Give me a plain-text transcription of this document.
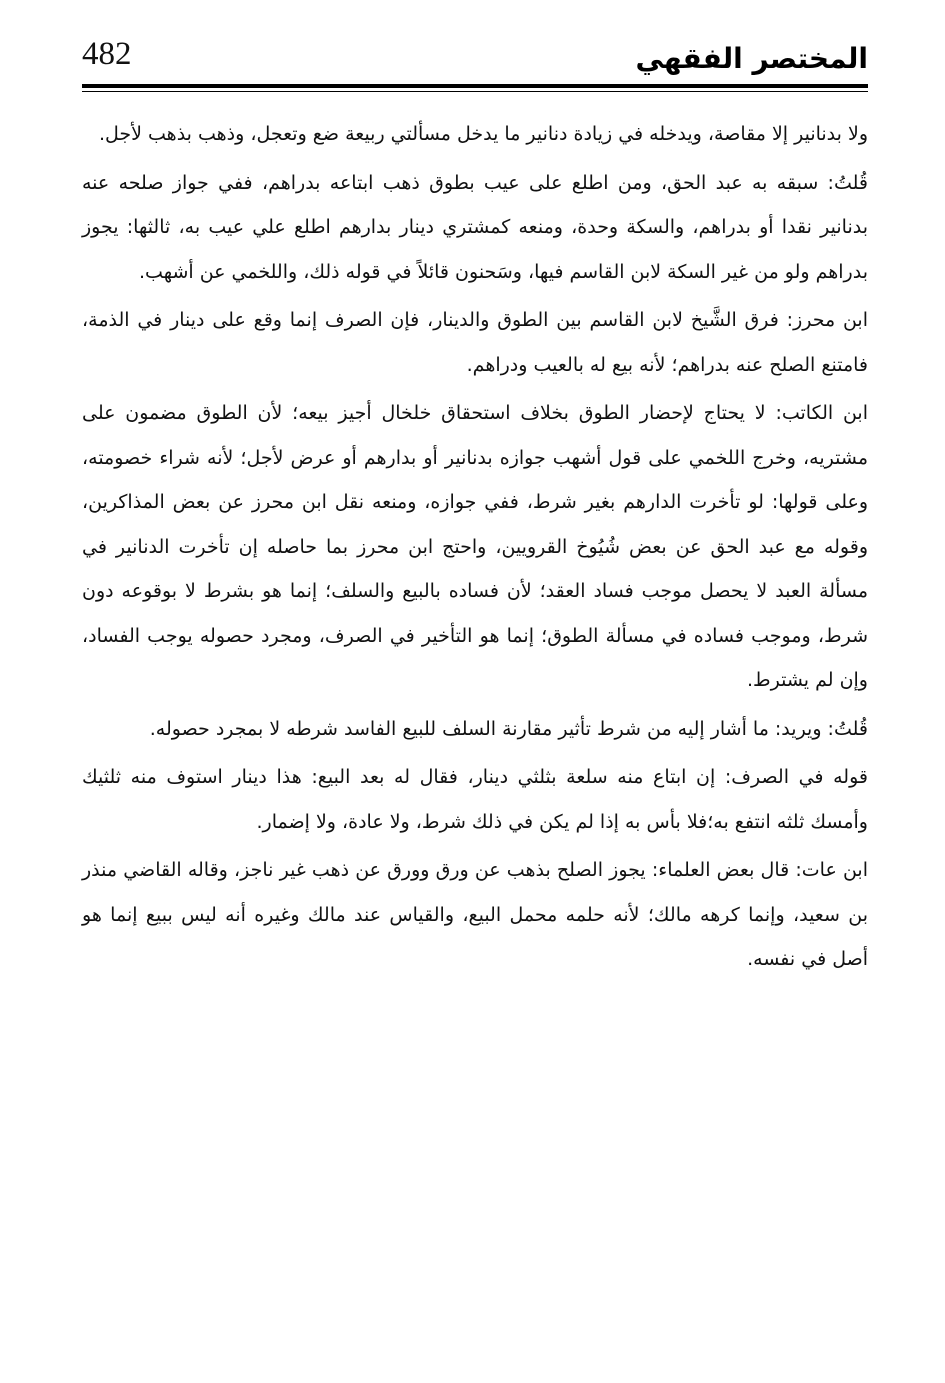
482	المختصر الفقهي

ولا بدنانير إلا مقاصة، ويدخله في زيادة دنانير ما يدخل مسألتي ربيعة ضع وتعجل، وذهب بذهب لأجل.

قُلتُ: سبقه به عبد الحق، ومن اطلع على عيب بطوق ذهب ابتاعه بدراهم، ففي جواز صلحه عنه بدنانير نقدا أو بدراهم، والسكة وحدة، ومنعه كمشتري دينار بدارهم اطلع علي عيب به، ثالثها: يجوز بدراهم ولو من غير السكة لابن القاسم فيها، وسَحنون قائلاً في قوله ذلك، واللخمي عن أشهب.

ابن محرز: فرق الشَّيخ لابن القاسم بين الطوق والدينار، فإن الصرف إنما وقع على دينار في الذمة، فامتنع الصلح عنه بدراهم؛ لأنه بيع له بالعيب ودراهم.

ابن الكاتب: لا يحتاج لإحضار الطوق بخلاف استحقاق خلخال أجيز بيعه؛ لأن الطوق مضمون على مشتريه، وخرج اللخمي على قول أشهب جوازه بدنانير أو بدارهم أو عرض لأجل؛ لأنه شراء خصومته، وعلى قولها: لو تأخرت الدارهم بغير شرط، ففي جوازه، ومنعه نقل ابن محرز عن بعض المذاكرين، وقوله مع عبد الحق عن بعض شُيُوخ القرويين، واحتج ابن محرز بما حاصله إن تأخرت الدنانير في مسألة العبد لا يحصل موجب فساد العقد؛ لأن فساده بالبيع والسلف؛ إنما هو بشرط لا بوقوعه دون شرط، وموجب فساده في مسألة الطوق؛ إنما هو التأخير في الصرف، ومجرد حصوله يوجب الفساد، وإن لم يشترط.

قُلتُ: ويريد: ما أشار إليه من شرط تأثير مقارنة السلف للبيع الفاسد شرطه لا بمجرد حصوله.

قوله في الصرف: إن ابتاع منه سلعة بثلثي دينار، فقال له بعد البيع: هذا دينار استوف منه ثلثيك وأمسك ثلثه انتفع به؛فلا بأس به إذا لم يكن في ذلك شرط، ولا عادة، ولا إضمار.

ابن عات: قال بعض العلماء: يجوز الصلح بذهب عن ورق وورق عن ذهب غير ناجز، وقاله القاضي منذر بن سعيد، وإنما كرهه مالك؛ لأنه حلمه محمل البيع، والقياس عند مالك وغيره أنه ليس ببيع إنما هو أصل في نفسه.
